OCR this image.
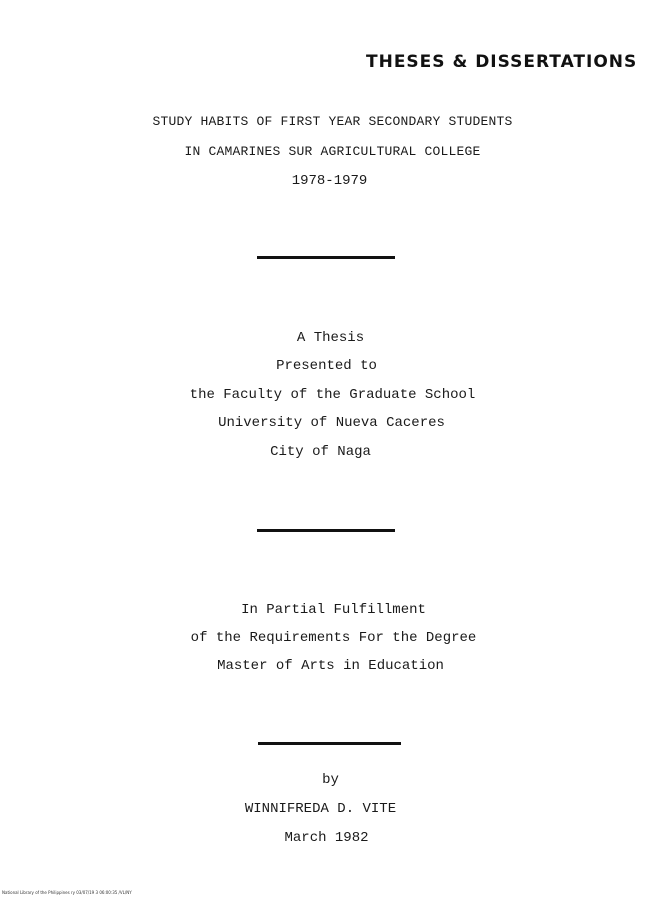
THESES & DISSERTATIONS
STUDY HABITS OF FIRST YEAR SECONDARY STUDENTS
IN CAMARINES SUR AGRICULTURAL COLLEGE
1978-1979
A Thesis
Presented to
the Faculty of the Graduate School
University of Nueva Caceres
City of Naga
In Partial Fulfillment
of the Requirements For the Degree
Master of Arts in Education
by
WINNIFREDA D. VITE
March 1982
National Library of the Philippines ry 03/07/19 3 06:00:35 /VL/NY
